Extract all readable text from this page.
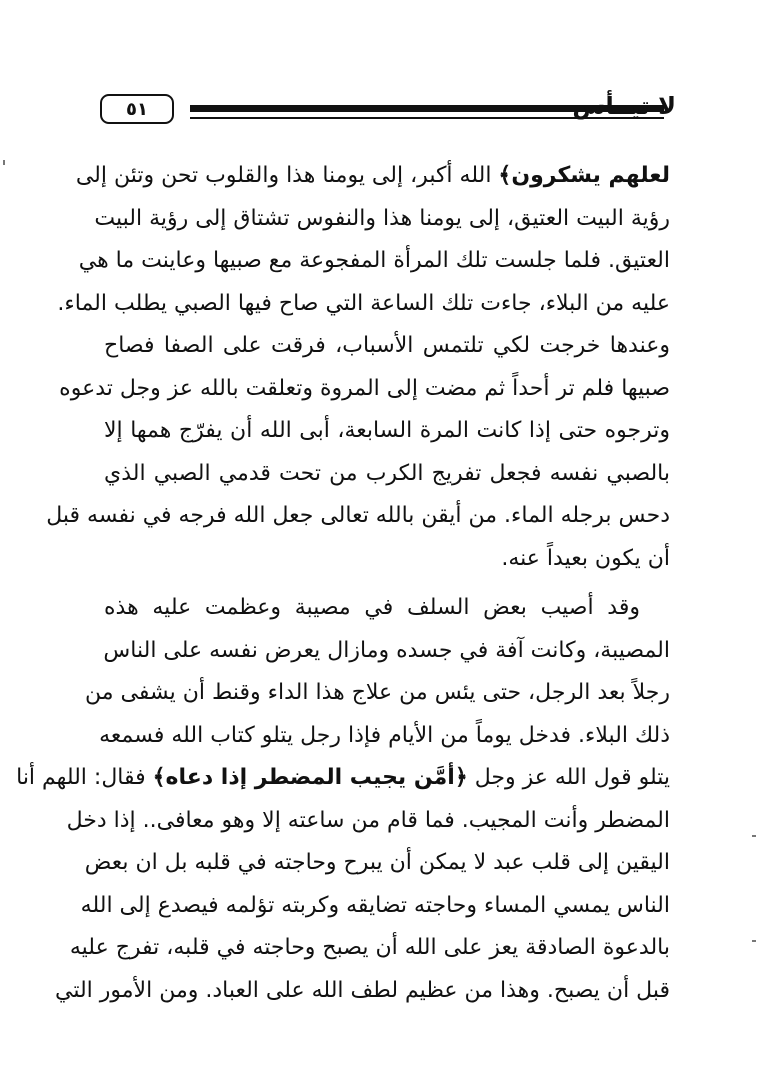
٥١	لا تيــأس
لعلهم يشكرون﴾ الله أكبر، إلى يومنا هذا والقلوب تحن وتئن إلى
رؤية البيت العتيق، إلى يومنا هذا والنفوس تشتاق إلى رؤية البيت
العتيق. فلما جلست تلك المرأة المفجوعة مع صبيها وعاينت ما هي
عليه من البلاء، جاءت تلك الساعة التي صاح فيها الصبي يطلب الماء.
وعندها خرجت لكي تلتمس الأسباب، فرقت على الصفا فصاح
صبيها فلم تر أحداً ثم مضت إلى المروة وتعلقت بالله عز وجل تدعوه
وترجوه حتى إذا كانت المرة السابعة، أبى الله أن يفرّج همها إلا
بالصبي نفسه فجعل تفريج الكرب من تحت قدمي الصبي الذي
دحس برجله الماء. من أيقن بالله تعالى جعل الله فرجه في نفسه قبل
أن يكون بعيداً عنه.
وقد أصيب بعض السلف في مصيبة وعظمت عليه هذه
المصيبة، وكانت آفة في جسده ومازال يعرض نفسه على الناس
رجلاً بعد الرجل، حتى يئس من علاج هذا الداء وقنط أن يشفى من
ذلك البلاء. فدخل يوماً من الأيام فإذا رجل يتلو كتاب الله فسمعه
يتلو قول الله عز وجل ﴿أمَّن يجيب المضطر إذا دعاه﴾ فقال: اللهم أنا
المضطر وأنت المجيب. فما قام من ساعته إلا وهو معافى.. إذا دخل
اليقين إلى قلب عبد لا يمكن أن يبرح وحاجته في قلبه بل ان بعض
الناس يمسي المساء وحاجته تضايقه وكربته تؤلمه فيصدع إلى الله
بالدعوة الصادقة يعز على الله أن يصبح وحاجته في قلبه، تفرج عليه
قبل أن يصبح. وهذا من عظيم لطف الله على العباد. ومن الأمور التي
